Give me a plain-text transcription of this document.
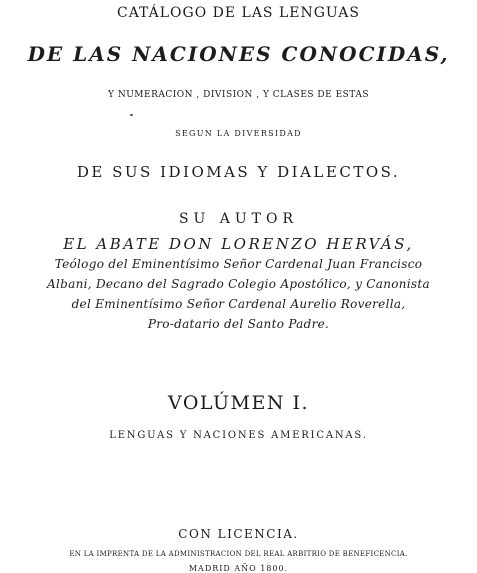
CATÁLOGO DE LAS LENGUAS
DE LAS NACIONES CONOCIDAS,
Y NUMERACION , DIVISION , Y CLASES DE ESTAS
SEGUN LA DIVERSIDAD
DE SUS IDIOMAS Y DIALECTOS.
SU AUTOR
EL ABATE DON LORENZO HERVÁS,
Teólogo del Eminentísimo Señor Cardenal Juan Francisco
Albani, Decano del Sagrado Colegio Apostólico, y Canonista
del Eminentísimo Señor Cardenal Aurelio Roverella,
Pro-datario del Santo Padre.
VOLÚMEN I.
LENGUAS Y NACIONES AMERICANAS.
CON LICENCIA.
EN LA IMPRENTA DE LA ADMINISTRACION DEL REAL ARBITRIO DE BENEFICENCIA.
MADRID AÑO 1800.
